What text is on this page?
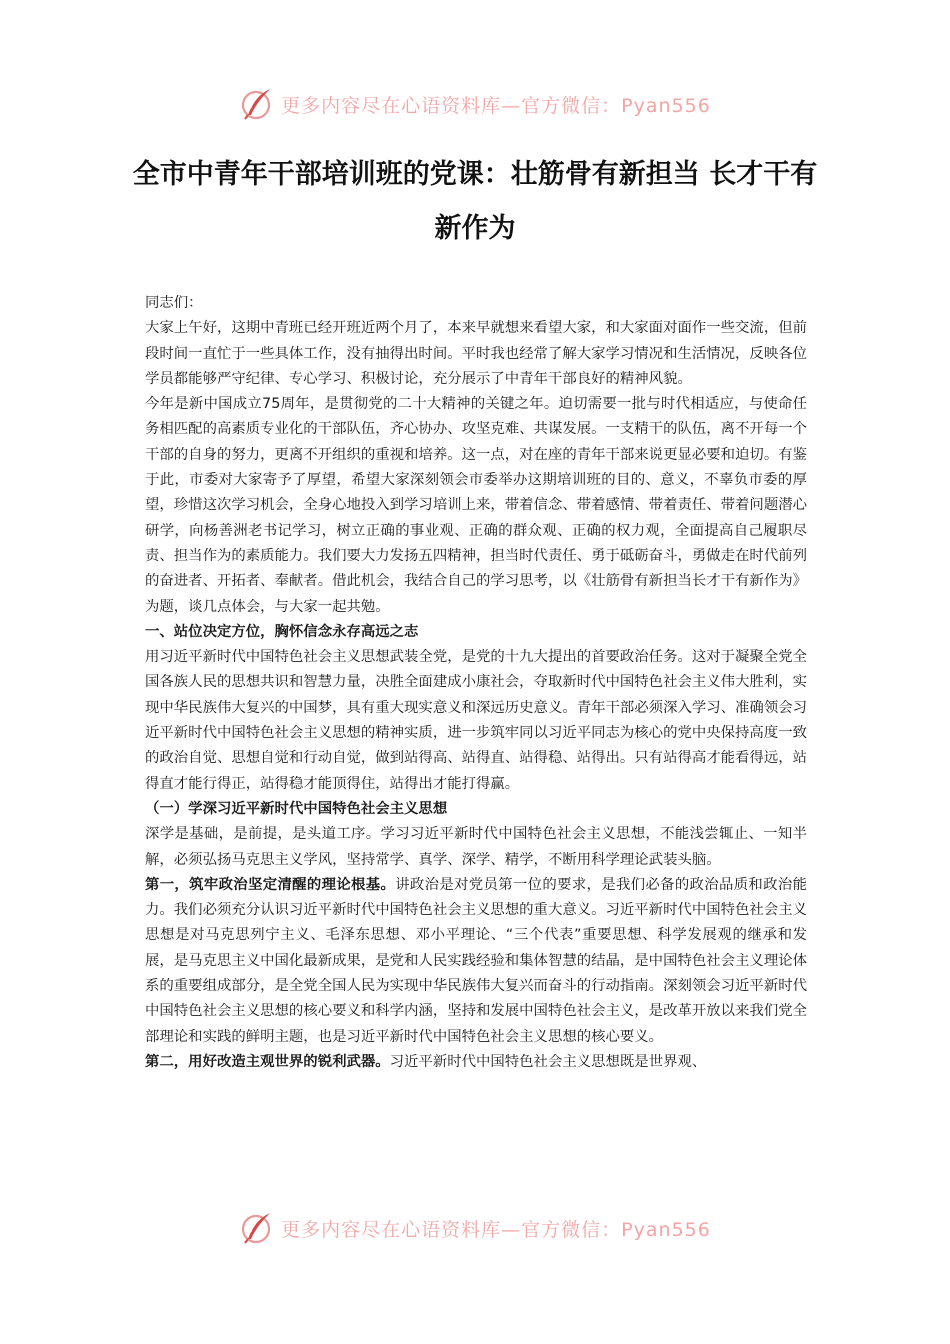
更多内容尽在心语资料库—官方微信：Pyan556
全市中青年干部培训班的党课：壮筋骨有新担当 长才干有新作为

同志们：

大家上午好，这期中青班已经开班近两个月了，本来早就想来看望大家，和大家面对面作一些交流，但前段时间一直忙于一些具体工作，没有抽得出时间。平时我也经常了解大家学习情况和生活情况，反映各位学员都能够严守纪律、专心学习、积极讨论，充分展示了中青年干部良好的精神风貌。

今年是新中国成立75周年，是贯彻党的二十大精神的关键之年。迫切需要一批与时代相适应，与使命任务相匹配的高素质专业化的干部队伍，齐心协办、攻坚克难、共谋发展。一支精干的队伍，离不开每一个干部的自身的努力，更离不开组织的重视和培养。这一点，对在座的青年干部来说更显必要和迫切。有鉴于此，市委对大家寄予了厚望，希望大家深刻领会市委举办这期培训班的目的、意义，不辜负市委的厚望，珍惜这次学习机会，全身心地投入到学习培训上来，带着信念、带着感情、带着责任、带着问题潜心研学，向杨善洲老书记学习，树立正确的事业观、正确的群众观、正确的权力观，全面提高自己履职尽责、担当作为的素质能力。我们要大力发扬五四精神，担当时代责任、勇于砥砺奋斗，勇做走在时代前列的奋进者、开拓者、奉献者。借此机会，我结合自己的学习思考，以《壮筋骨有新担当长才干有新作为》为题，谈几点体会，与大家一起共勉。

一、站位决定方位，胸怀信念永存高远之志

用习近平新时代中国特色社会主义思想武装全党，是党的十九大提出的首要政治任务。这对于凝聚全党全国各族人民的思想共识和智慧力量，决胜全面建成小康社会，夺取新时代中国特色社会主义伟大胜利，实现中华民族伟大复兴的中国梦，具有重大现实意义和深远历史意义。青年干部必须深入学习、准确领会习近平新时代中国特色社会主义思想的精神实质，进一步筑牢同以习近平同志为核心的党中央保持高度一致的政治自觉、思想自觉和行动自觉，做到站得高、站得直、站得稳、站得出。只有站得高才能看得远，站得直才能行得正，站得稳才能顶得住，站得出才能打得赢。

（一）学深习近平新时代中国特色社会主义思想

深学是基础，是前提，是头道工序。学习习近平新时代中国特色社会主义思想，不能浅尝辄止、一知半解，必须弘扬马克思主义学风，坚持常学、真学、深学、精学，不断用科学理论武装头脑。

第一，筑牢政治坚定清醒的理论根基。讲政治是对党员第一位的要求，是我们必备的政治品质和政治能力。我们必须充分认识习近平新时代中国特色社会主义思想的重大意义。习近平新时代中国特色社会主义思想是对马克思列宁主义、毛泽东思想、邓小平理论、“三个代表”重要思想、科学发展观的继承和发展，是马克思主义中国化最新成果，是党和人民实践经验和集体智慧的结晶，是中国特色社会主义理论体系的重要组成部分，是全党全国人民为实现中华民族伟大复兴而奋斗的行动指南。深刻领会习近平新时代中国特色社会主义思想的核心要义和科学内涵，坚持和发展中国特色社会主义，是改革开放以来我们党全部理论和实践的鲜明主题，也是习近平新时代中国特色社会主义思想的核心要义。

第二，用好改造主观世界的锐利武器。习近平新时代中国特色社会主义思想既是世界观、

更多内容尽在心语资料库—官方微信：Pyan556
